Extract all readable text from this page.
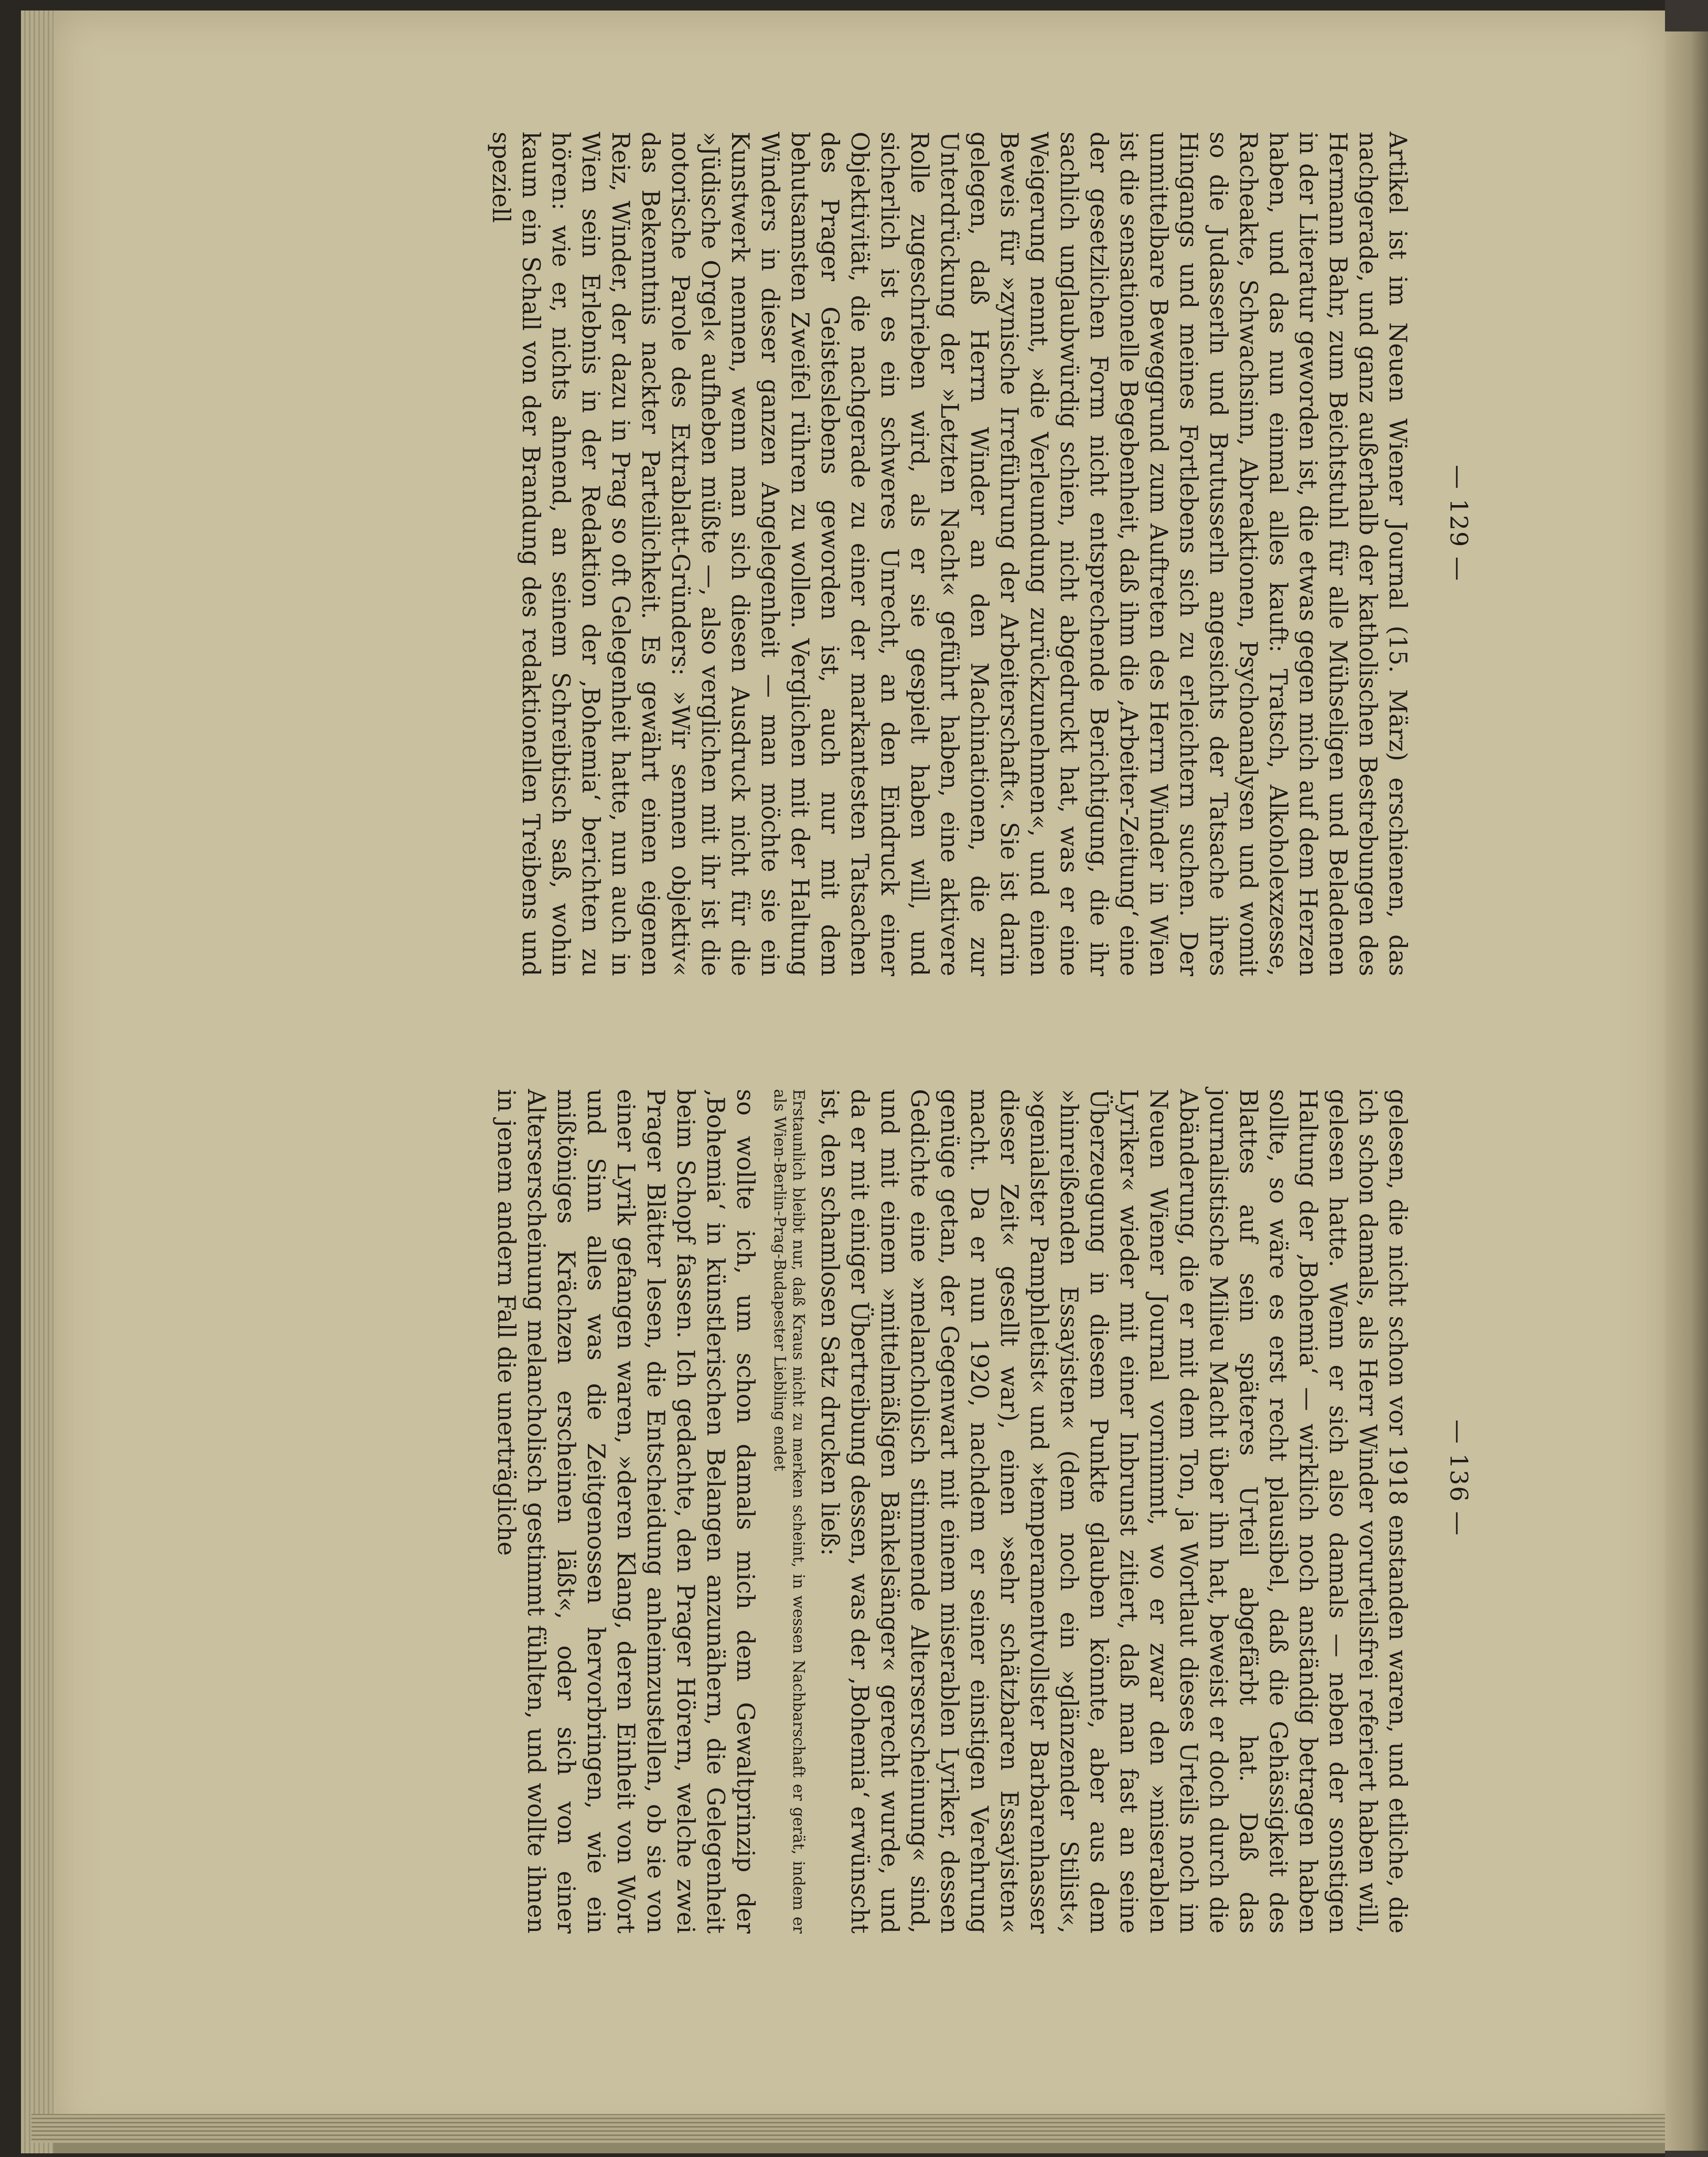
— 129 —
— 136 —

Artikel ist im Neuen Wiener Journal (15. März) erschienen, das nachgerade, und ganz außerhalb der katholischen Bestrebungen des Hermann Bahr, zum Beichtstuhl für alle Mühseligen und Beladenen in der Literatur geworden ist, die etwas gegen mich auf dem Herzen haben, und das nun einmal alles kauft: Tratsch, Alkoholexzesse, Racheakte, Schwachsinn, Abreaktionen, Psychoanalysen und womit so die Judasserln und Brutusserln angesichts der Tatsache ihres Hingangs und meines Fortlebens sich zu erleichtern suchen. Der unmittelbare Beweggrund zum Auftreten des Herrn Winder in Wien ist die sensationelle Begebenheit, daß ihm die ‚Arbeiter-Zeitung‘ eine der gesetzlichen Form nicht entsprechende Berichtigung, die ihr sachlich unglaubwürdig schien, nicht abgedruckt hat, was er eine Weigerung nennt, »die Verleumdung zurückzunehmen«, und einen Beweis für »zynische Irreführung der Arbeiterschaft«. Sie ist darin gelegen, daß Herrn Winder an den Machinationen, die zur Unterdrückung der »Letzten Nacht« geführt haben, eine aktivere Rolle zugeschrieben wird, als er sie gespielt haben will, und sicherlich ist es ein schweres Unrecht, an den Eindruck einer Objektivität, die nachgerade zu einer der markantesten Tatsachen des Prager Geisteslebens geworden ist, auch nur mit dem behutsamsten Zweifel rühren zu wollen. Verglichen mit der Haltung Winders in dieser ganzen Angelegenheit — man möchte sie ein Kunstwerk nennen, wenn man sich diesen Ausdruck nicht für die »Jüdische Orgel« aufheben müßte —, also verglichen mit ihr ist die notorische Parole des Extrablatt-Gründers: »Wir sennen objektiv« das Bekenntnis nackter Parteilichkeit. Es gewährt einen eigenen Reiz, Winder, der dazu in Prag so oft Gelegenheit hatte, nun auch in Wien sein Erlebnis in der Redaktion der ‚Bohemia‘ berichten zu hören: wie er, nichts ahnend, an seinem Schreibtisch saß, wohin kaum ein Schall von der Brandung des redaktionellen Treibens und speziell

gelesen, die nicht schon vor 1918 enstanden waren, und etliche, die ich schon damals, als Herr Winder vorurteilsfrei referiert haben will, gelesen hatte. Wenn er sich also damals — neben der sonstigen Haltung der ‚Bohemia‘ — wirklich noch anständig betragen haben sollte, so wäre es erst recht plausibel, daß die Gehässigkeit des Blattes auf sein späteres Urteil abgefärbt hat. Daß das journalistische Milieu Macht über ihn hat, beweist er doch durch die Abänderung, die er mit dem Ton, ja Wortlaut dieses Urteils noch im Neuen Wiener Journal vornimmt, wo er zwar den »miserablen Lyriker« wieder mit einer Inbrunst zitiert, daß man fast an seine Überzeugung in diesem Punkte glauben könnte, aber aus dem »hinreißenden Essayisten« (dem noch ein »glänzender Stilist«, »genialster Pamphletist« und »temperamentvollster Barbarenhasser dieser Zeit« gesellt war), einen »sehr schätzbaren Essayisten« macht. Da er nun 1920, nachdem er seiner einstigen Verehrung genüge getan, der Gegenwart mit einem miserablen Lyriker, dessen Gedichte eine »melancholisch stimmende Alterserscheinung« sind, und mit einem »mittelmäßigen Bänkelsänger« gerecht wurde, und da er mit einiger Übertreibung dessen, was der ‚Bohemia‘ erwünscht ist, den schamlosen Satz drucken ließ:

Erstaunlich bleibt nur, daß Kraus nicht zu merken scheint, in wessen Nachbarschaft er gerät, indem er als Wien-Berlin-Prag-Budapester Liebling endet

so wollte ich, um schon damals mich dem Gewaltprinzip der ‚Bohemia‘ in künstlerischen Belangen anzunähern, die Gelegenheit beim Schopf fassen. Ich gedachte, den Prager Hörern, welche zwei Prager Blätter lesen, die Entscheidung anheimzustellen, ob sie von einer Lyrik gefangen waren, »deren Klang, deren Einheit von Wort und Sinn alles was die Zeitgenossen hervorbringen, wie ein mißtöniges Krächzen erscheinen läßt«, oder sich von einer Alterserscheinung melancholisch gestimmt fühlten, und wollte ihnen in jenem andern Fall die unerträgliche
